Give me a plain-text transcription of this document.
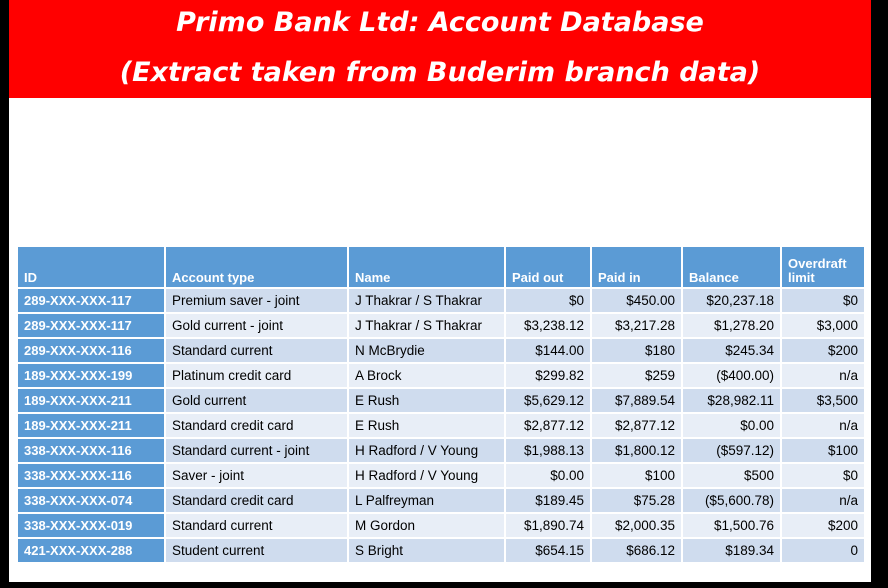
Primo Bank Ltd: Account Database
(Extract taken from Buderim branch data)
ID	Account type	Name	Paid out	Paid in	Balance	Overdraft limit
289-XXX-XXX-117	Premium saver - joint	J Thakrar / S Thakrar	$0	$450.00	$20,237.18	$0
289-XXX-XXX-117	Gold current - joint	J Thakrar / S Thakrar	$3,238.12	$3,217.28	$1,278.20	$3,000
289-XXX-XXX-116	Standard current	N McBrydie	$144.00	$180	$245.34	$200
189-XXX-XXX-199	Platinum credit card	A Brock	$299.82	$259	($400.00)	n/a
189-XXX-XXX-211	Gold current	E Rush	$5,629.12	$7,889.54	$28,982.11	$3,500
189-XXX-XXX-211	Standard credit card	E Rush	$2,877.12	$2,877.12	$0.00	n/a
338-XXX-XXX-116	Standard current - joint	H Radford / V Young	$1,988.13	$1,800.12	($597.12)	$100
338-XXX-XXX-116	Saver - joint	H Radford / V Young	$0.00	$100	$500	$0
338-XXX-XXX-074	Standard credit card	L Palfreyman	$189.45	$75.28	($5,600.78)	n/a
338-XXX-XXX-019	Standard current	M Gordon	$1,890.74	$2,000.35	$1,500.76	$200
421-XXX-XXX-288	Student current	S Bright	$654.15	$686.12	$189.34	0
